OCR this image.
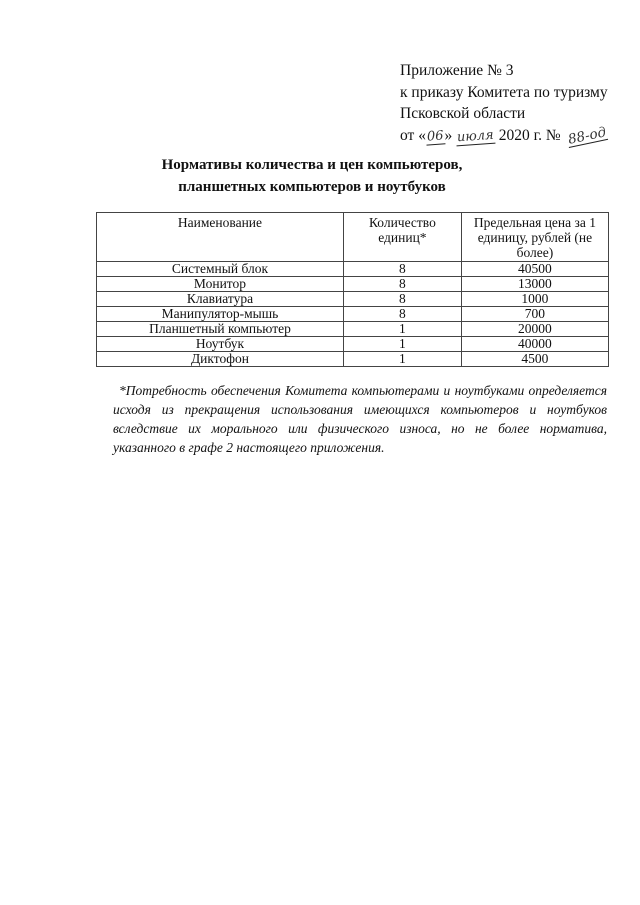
Приложение № 3
к приказу Комитета по туризму
Псковской области
от «06» июля 2020 г. № 88-од
Нормативы количества и цен компьютеров,
планшетных компьютеров и ноутбуков
Наименование	Количество единиц*	Предельная цена за 1 единицу, рублей (не более)
Системный блок	8	40500
Монитор	8	13000
Клавиатура	8	1000
Манипулятор-мышь	8	700
Планшетный компьютер	1	20000
Ноутбук	1	40000
Диктофон	1	4500
*Потребность обеспечения Комитета компьютерами и ноутбуками определяется исходя из прекращения использования имеющихся компьютеров и ноутбуков вследствие их морального или физического износа, но не более норматива, указанного в графе 2 настоящего приложения.
